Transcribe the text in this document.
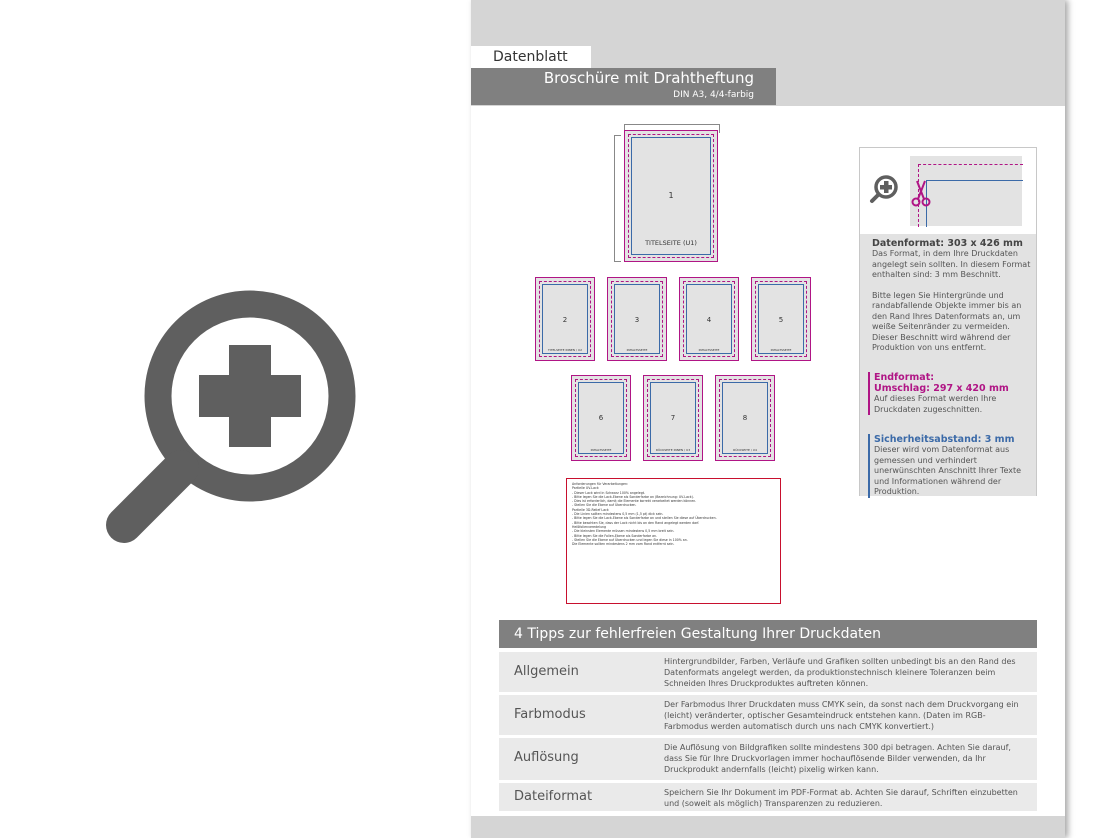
Datenblatt
Broschüre mit Drahtheftung
DIN A3, 4/4-farbig
1
TITELSEITE (U1)
2
TITELSEITE INNEN / U2
3
INHALTSSEITE
4
INHALTSSEITE
5
INHALTSSEITE
6
INHALTSSEITE
7
RÜCKSEITE INNEN / U3
8
RÜCKSEITE / U4
Anforderungen für Verarbeitungen:
Partielle UV-Lack
- Dieser Lack wird in Schwarz 100% angelegt.
- Bitte legen Sie die Lack-Ebene als Sonderfarbe an (Bezeichnung: UV-Lack).
- Dies ist erforderlich, damit die Elemente korrekt verarbeitet werden können.
- Stellen Sie die Ebene auf Überdrucken.
Partielle 3D-Relief Lack
- Die Linien sollten mindestens 0,5 mm (1,5 pt) dick sein.
- Bitte legen Sie die Lack-Ebene als Sonderfarbe an und stellen Sie diese auf Überdrucken.
- Bitte beachten Sie, dass der Lack nicht bis an den Rand angelegt werden darf.
Heißfolienveredelung
- Die kleinsten Elemente müssen mindestens 0,5 mm breit sein.
- Bitte legen Sie die Folien-Ebene als Sonderfarbe an.
- Stellen Sie die Ebene auf Überdrucken und legen Sie diese in 100% an.
Die Elemente sollten mindestens 2 mm vom Rand entfernt sein.
Datenformat: 303 x 426 mm
Das Format, in dem Ihre Druckdaten angelegt sein sollten. In diesem Format enthalten sind: 3 mm Beschnitt.
Bitte legen Sie Hintergründe und randabfallende Objekte immer bis an den Rand Ihres Datenformats an, um weiße Seitenränder zu vermeiden. Dieser Beschnitt wird während der Produktion von uns entfernt.
Endformat:
Umschlag: 297 x 420 mm
Auf dieses Format werden Ihre Druckdaten zugeschnitten.
Sicherheitsabstand: 3 mm
Dieser wird vom Datenformat aus gemessen und verhindert unerwünschten Anschnitt Ihrer Texte und Informationen während der Produktion.
4 Tipps zur fehlerfreien Gestaltung Ihrer Druckdaten
Allgemein
Hintergrundbilder, Farben, Verläufe und Grafiken sollten unbedingt bis an den Rand des Datenformats angelegt werden, da produktionstechnisch kleinere Toleranzen beim Schneiden Ihres Druckproduktes auftreten können.
Farbmodus
Der Farbmodus Ihrer Druckdaten muss CMYK sein, da sonst nach dem Druckvorgang ein (leicht) veränderter, optischer Gesamteindruck entstehen kann. (Daten im RGB-Farbmodus werden automatisch durch uns nach CMYK konvertiert.)
Auflösung
Die Auflösung von Bildgrafiken sollte mindestens 300 dpi betragen. Achten Sie darauf, dass Sie für Ihre Druckvorlagen immer hochauflösende Bilder verwenden, da Ihr Druckprodukt andernfalls (leicht) pixelig wirken kann.
Dateiformat	Speichern Sie Ihr Dokument im PDF-Format ab. Achten Sie darauf, Schriften einzubetten und (soweit als möglich) Transparenzen zu reduzieren.
